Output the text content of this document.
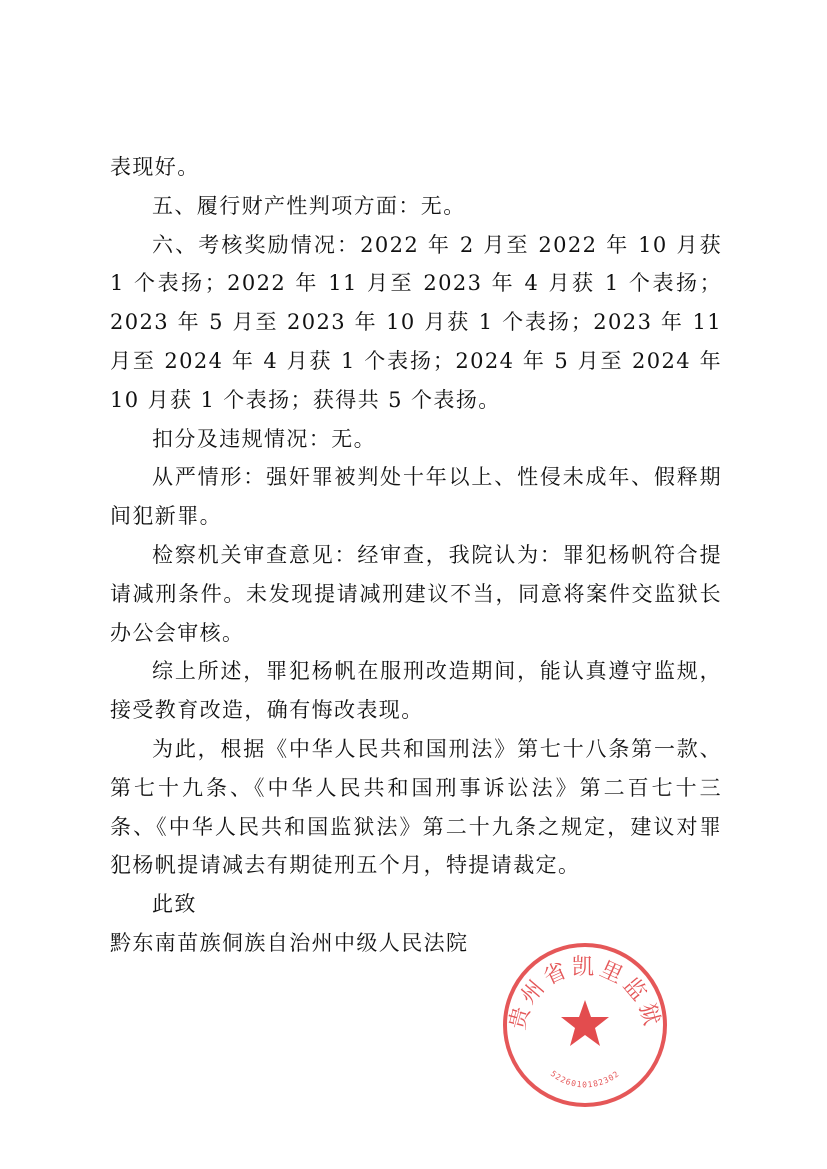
表现好。

五、履行财产性判项方面：无。

六、考核奖励情况：2022 年 2 月至 2022 年 10 月获 1 个表扬；2022 年 11 月至 2023 年 4 月获 1 个表扬；2023 年 5 月至 2023 年 10 月获 1 个表扬；2023 年 11 月至 2024 年 4 月获 1 个表扬；2024 年 5 月至 2024 年 10 月获 1 个表扬；获得共 5 个表扬。

扣分及违规情况：无。

从严情形：强奸罪被判处十年以上、性侵未成年、假释期间犯新罪。

检察机关审查意见：经审查，我院认为：罪犯杨帆符合提请减刑条件。未发现提请减刑建议不当，同意将案件交监狱长办公会审核。

综上所述，罪犯杨帆在服刑改造期间，能认真遵守监规，接受教育改造，确有悔改表现。

为此，根据《中华人民共和国刑法》第七十八条第一款、第七十九条、《中华人民共和国刑事诉讼法》第二百七十三条、《中华人民共和国监狱法》第二十九条之规定，建议对罪犯杨帆提请减去有期徒刑五个月，特提请裁定。

此致

黔东南苗族侗族自治州中级人民法院

贵州省凯里监狱
5226010182302
